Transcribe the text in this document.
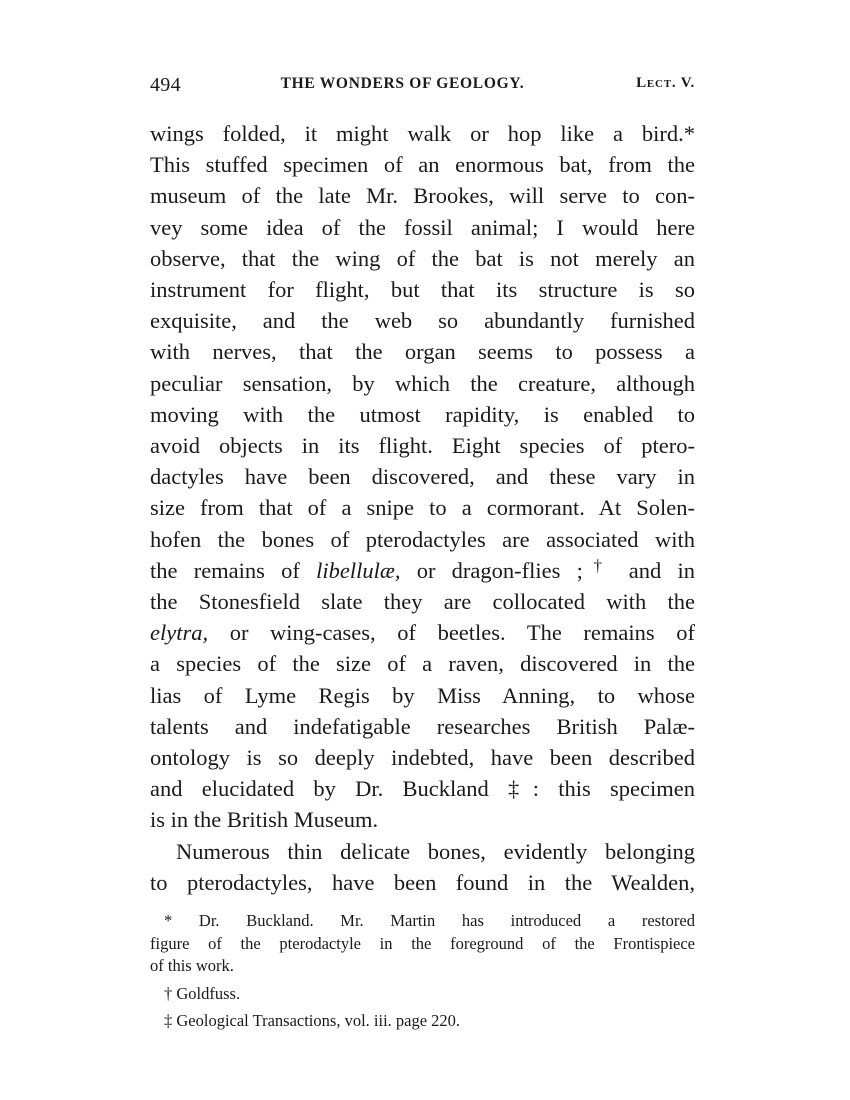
494	THE WONDERS OF GEOLOGY.	Lect. V.
wings folded, it might walk or hop like a bird.*
This stuffed specimen of an enormous bat, from the
museum of the late Mr. Brookes, will serve to con-
vey some idea of the fossil animal; I would here
observe, that the wing of the bat is not merely an
instrument for flight, but that its structure is so
exquisite, and the web so abundantly furnished
with nerves, that the organ seems to possess a
peculiar sensation, by which the creature, although
moving with the utmost rapidity, is enabled to
avoid objects in its flight. Eight species of ptero-
dactyles have been discovered, and these vary in
size from that of a snipe to a cormorant. At Solen-
hofen the bones of pterodactyles are associated with
the remains of libellulæ, or dragon-flies ;† and in
the Stonesfield slate they are collocated with the
elytra, or wing-cases, of beetles. The remains of
a species of the size of a raven, discovered in the
lias of Lyme Regis by Miss Anning, to whose
talents and indefatigable researches British Palæ-
ontology is so deeply indebted, have been described
and elucidated by Dr. Buckland ‡: this specimen
is in the British Museum.
Numerous thin delicate bones, evidently belonging
to pterodactyles, have been found in the Wealden,
* Dr. Buckland. Mr. Martin has introduced a restored
figure of the pterodactyle in the foreground of the Frontispiece
of this work.
† Goldfuss.
‡ Geological Transactions, vol. iii. page 220.
